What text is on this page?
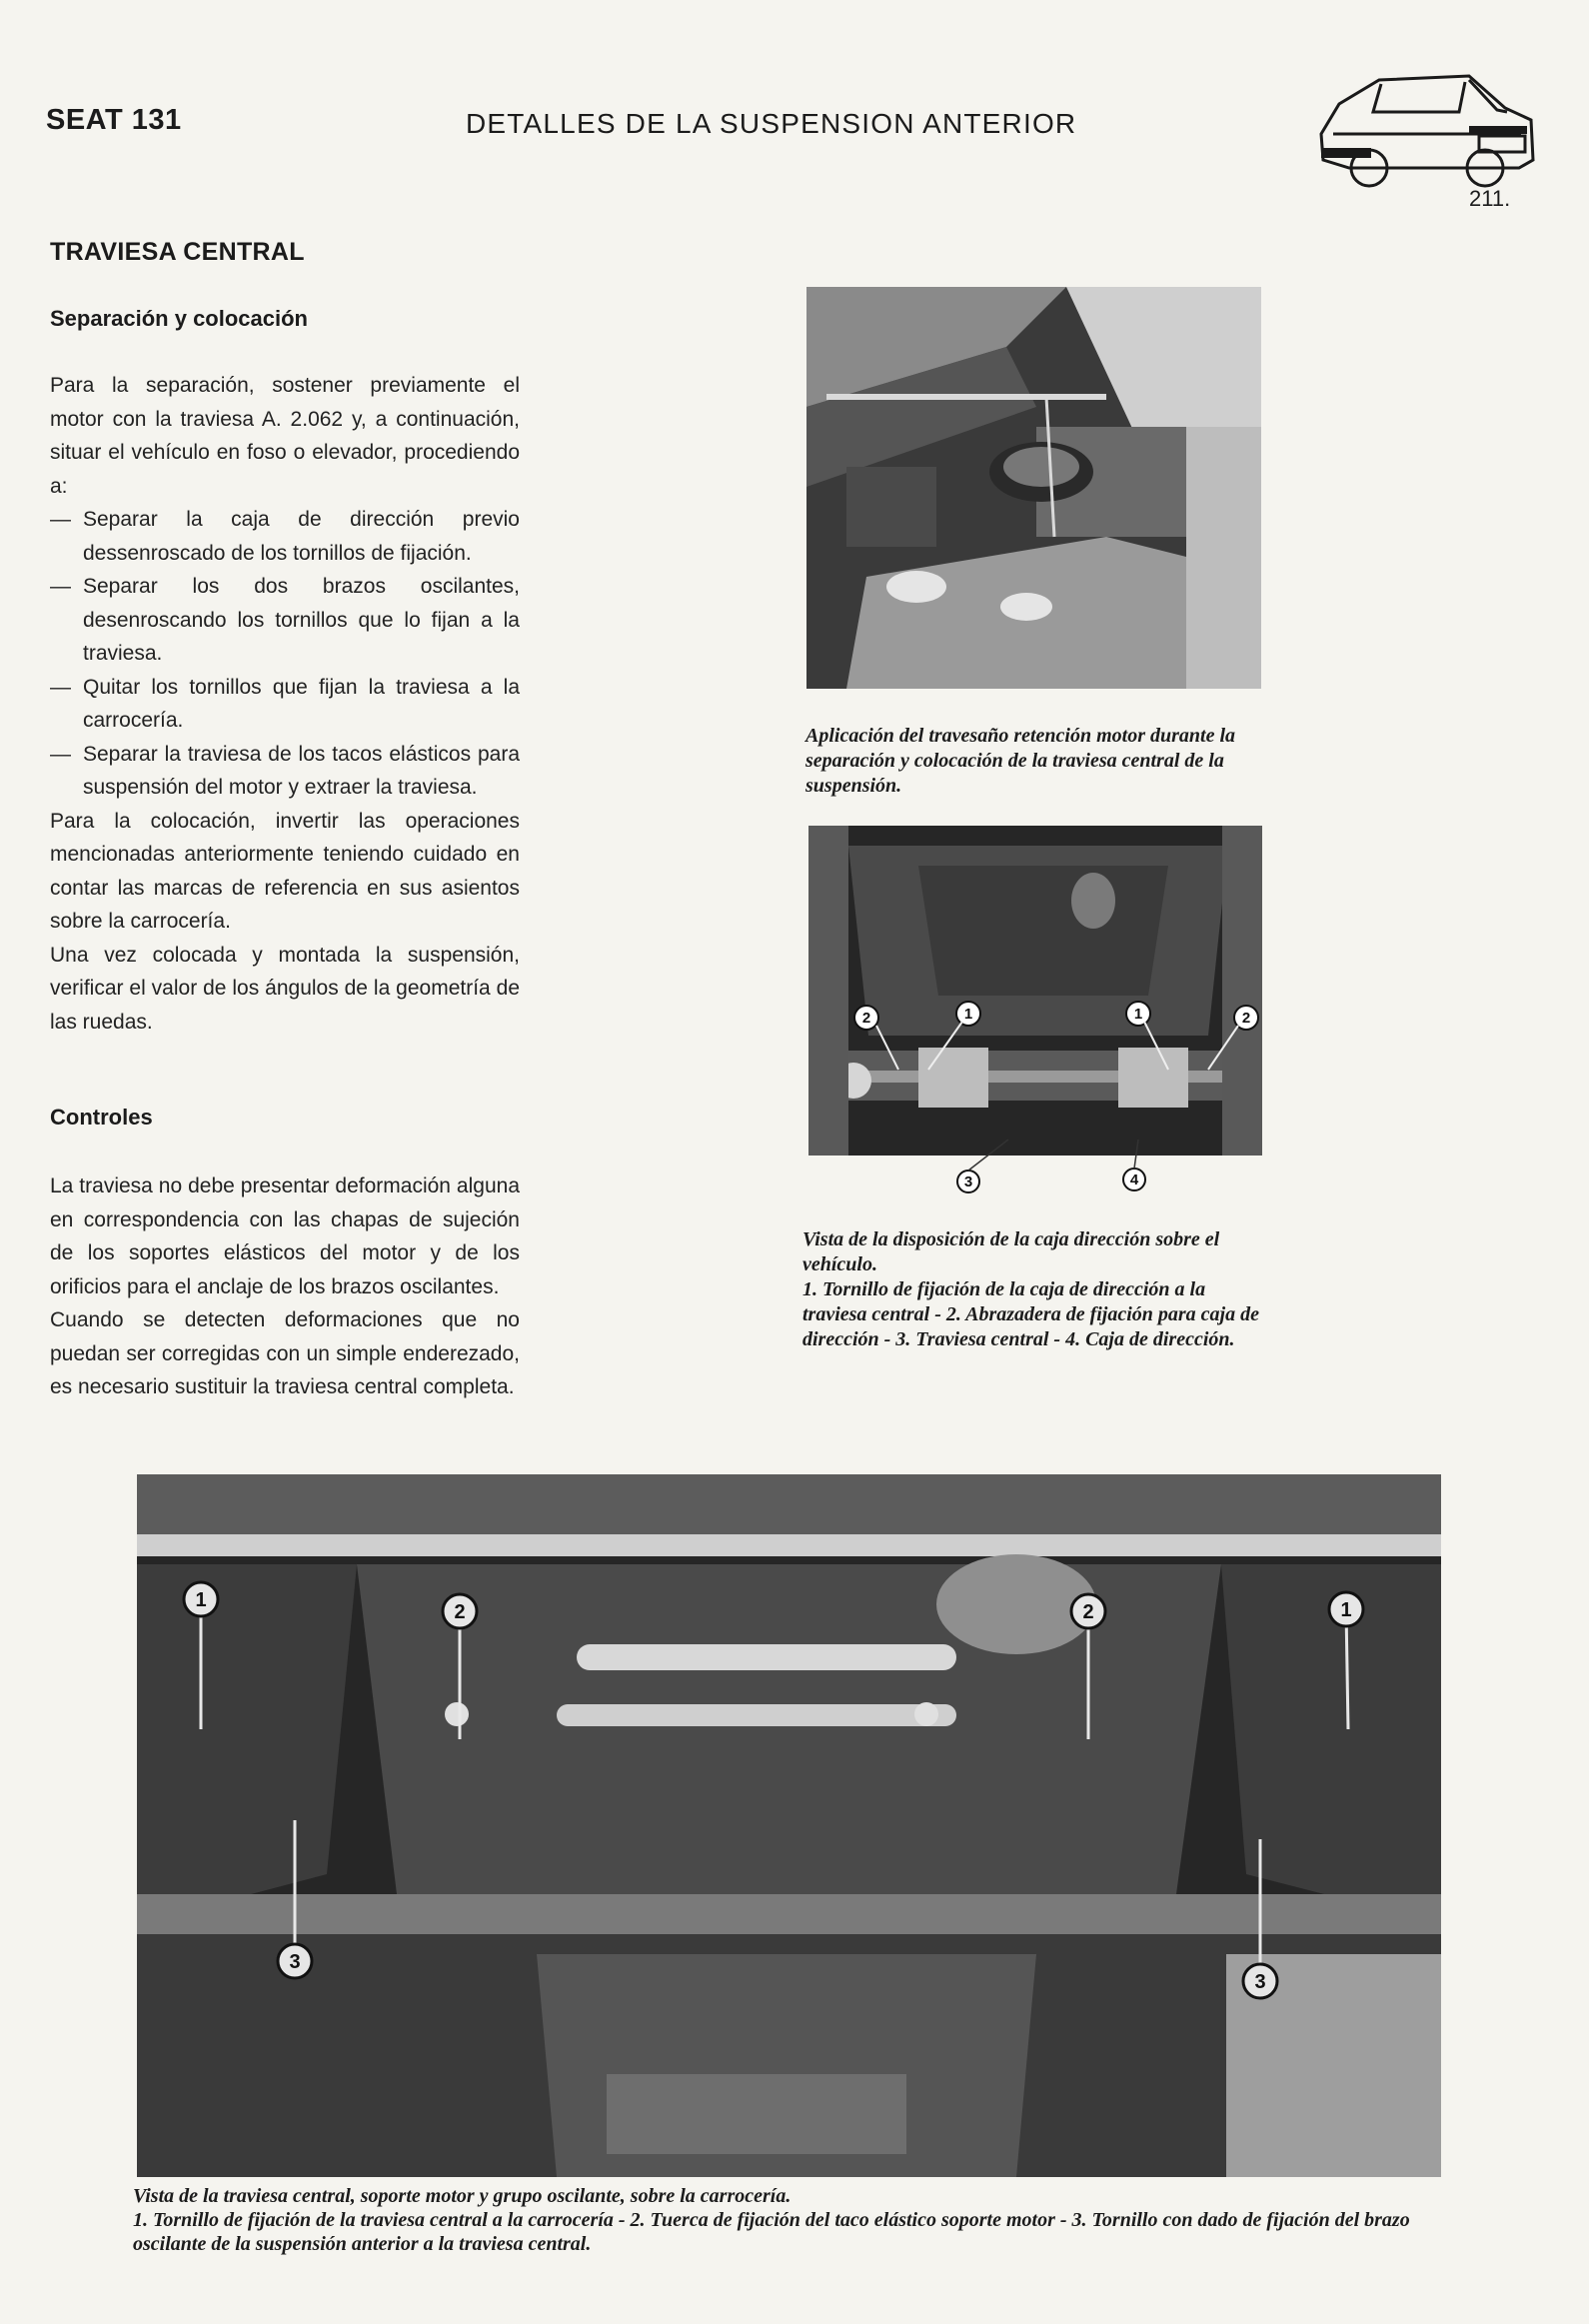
SEAT 131	DETALLES DE LA SUSPENSION ANTERIOR
211.
TRAVIESA CENTRAL
Separación y colocación

Para la separación, sostener previamente el motor con la traviesa A. 2.062 y, a continuación, situar el vehículo en foso o elevador, procediendo a:

— Separar la caja de dirección previo dessenroscado de los tornillos de fijación.
— Separar los dos brazos oscilantes, desenroscando los tornillos que lo fijan a la traviesa.
— Quitar los tornillos que fijan la traviesa a la carrocería.
— Separar la traviesa de los tacos elásticos para suspensión del motor y extraer la traviesa.

Para la colocación, invertir las operaciones mencionadas anteriormente teniendo cuidado en contar las marcas de referencia en sus asientos sobre la carrocería.

Una vez colocada y montada la suspensión, verificar el valor de los ángulos de la geometría de las ruedas.

Controles

La traviesa no debe presentar deformación alguna en correspondencia con las chapas de sujeción de los soportes elásticos del motor y de los orificios para el anclaje de los brazos oscilantes.

Cuando se detecten deformaciones que no puedan ser corregidas con un simple enderezado, es necesario sustituir la traviesa central completa.

Aplicación del travesaño retención motor durante la separación y colocación de la traviesa central de la suspensión.
2	1	1	2
3	4

Vista de la disposición de la caja dirección sobre el vehículo.

1. Tornillo de fijación de la caja de dirección a la traviesa central - 2. Abrazadera de fijación para caja de dirección - 3. Traviesa central - 4. Caja de dirección.

1
2	2	1
3
3

Vista de la traviesa central, soporte motor y grupo oscilante, sobre la carrocería.

1. Tornillo de fijación de la traviesa central a la carrocería - 2. Tuerca de fijación del taco elástico soporte motor - 3. Tornillo con dado de fijación del brazo oscilante de la suspensión anterior a la traviesa central.
